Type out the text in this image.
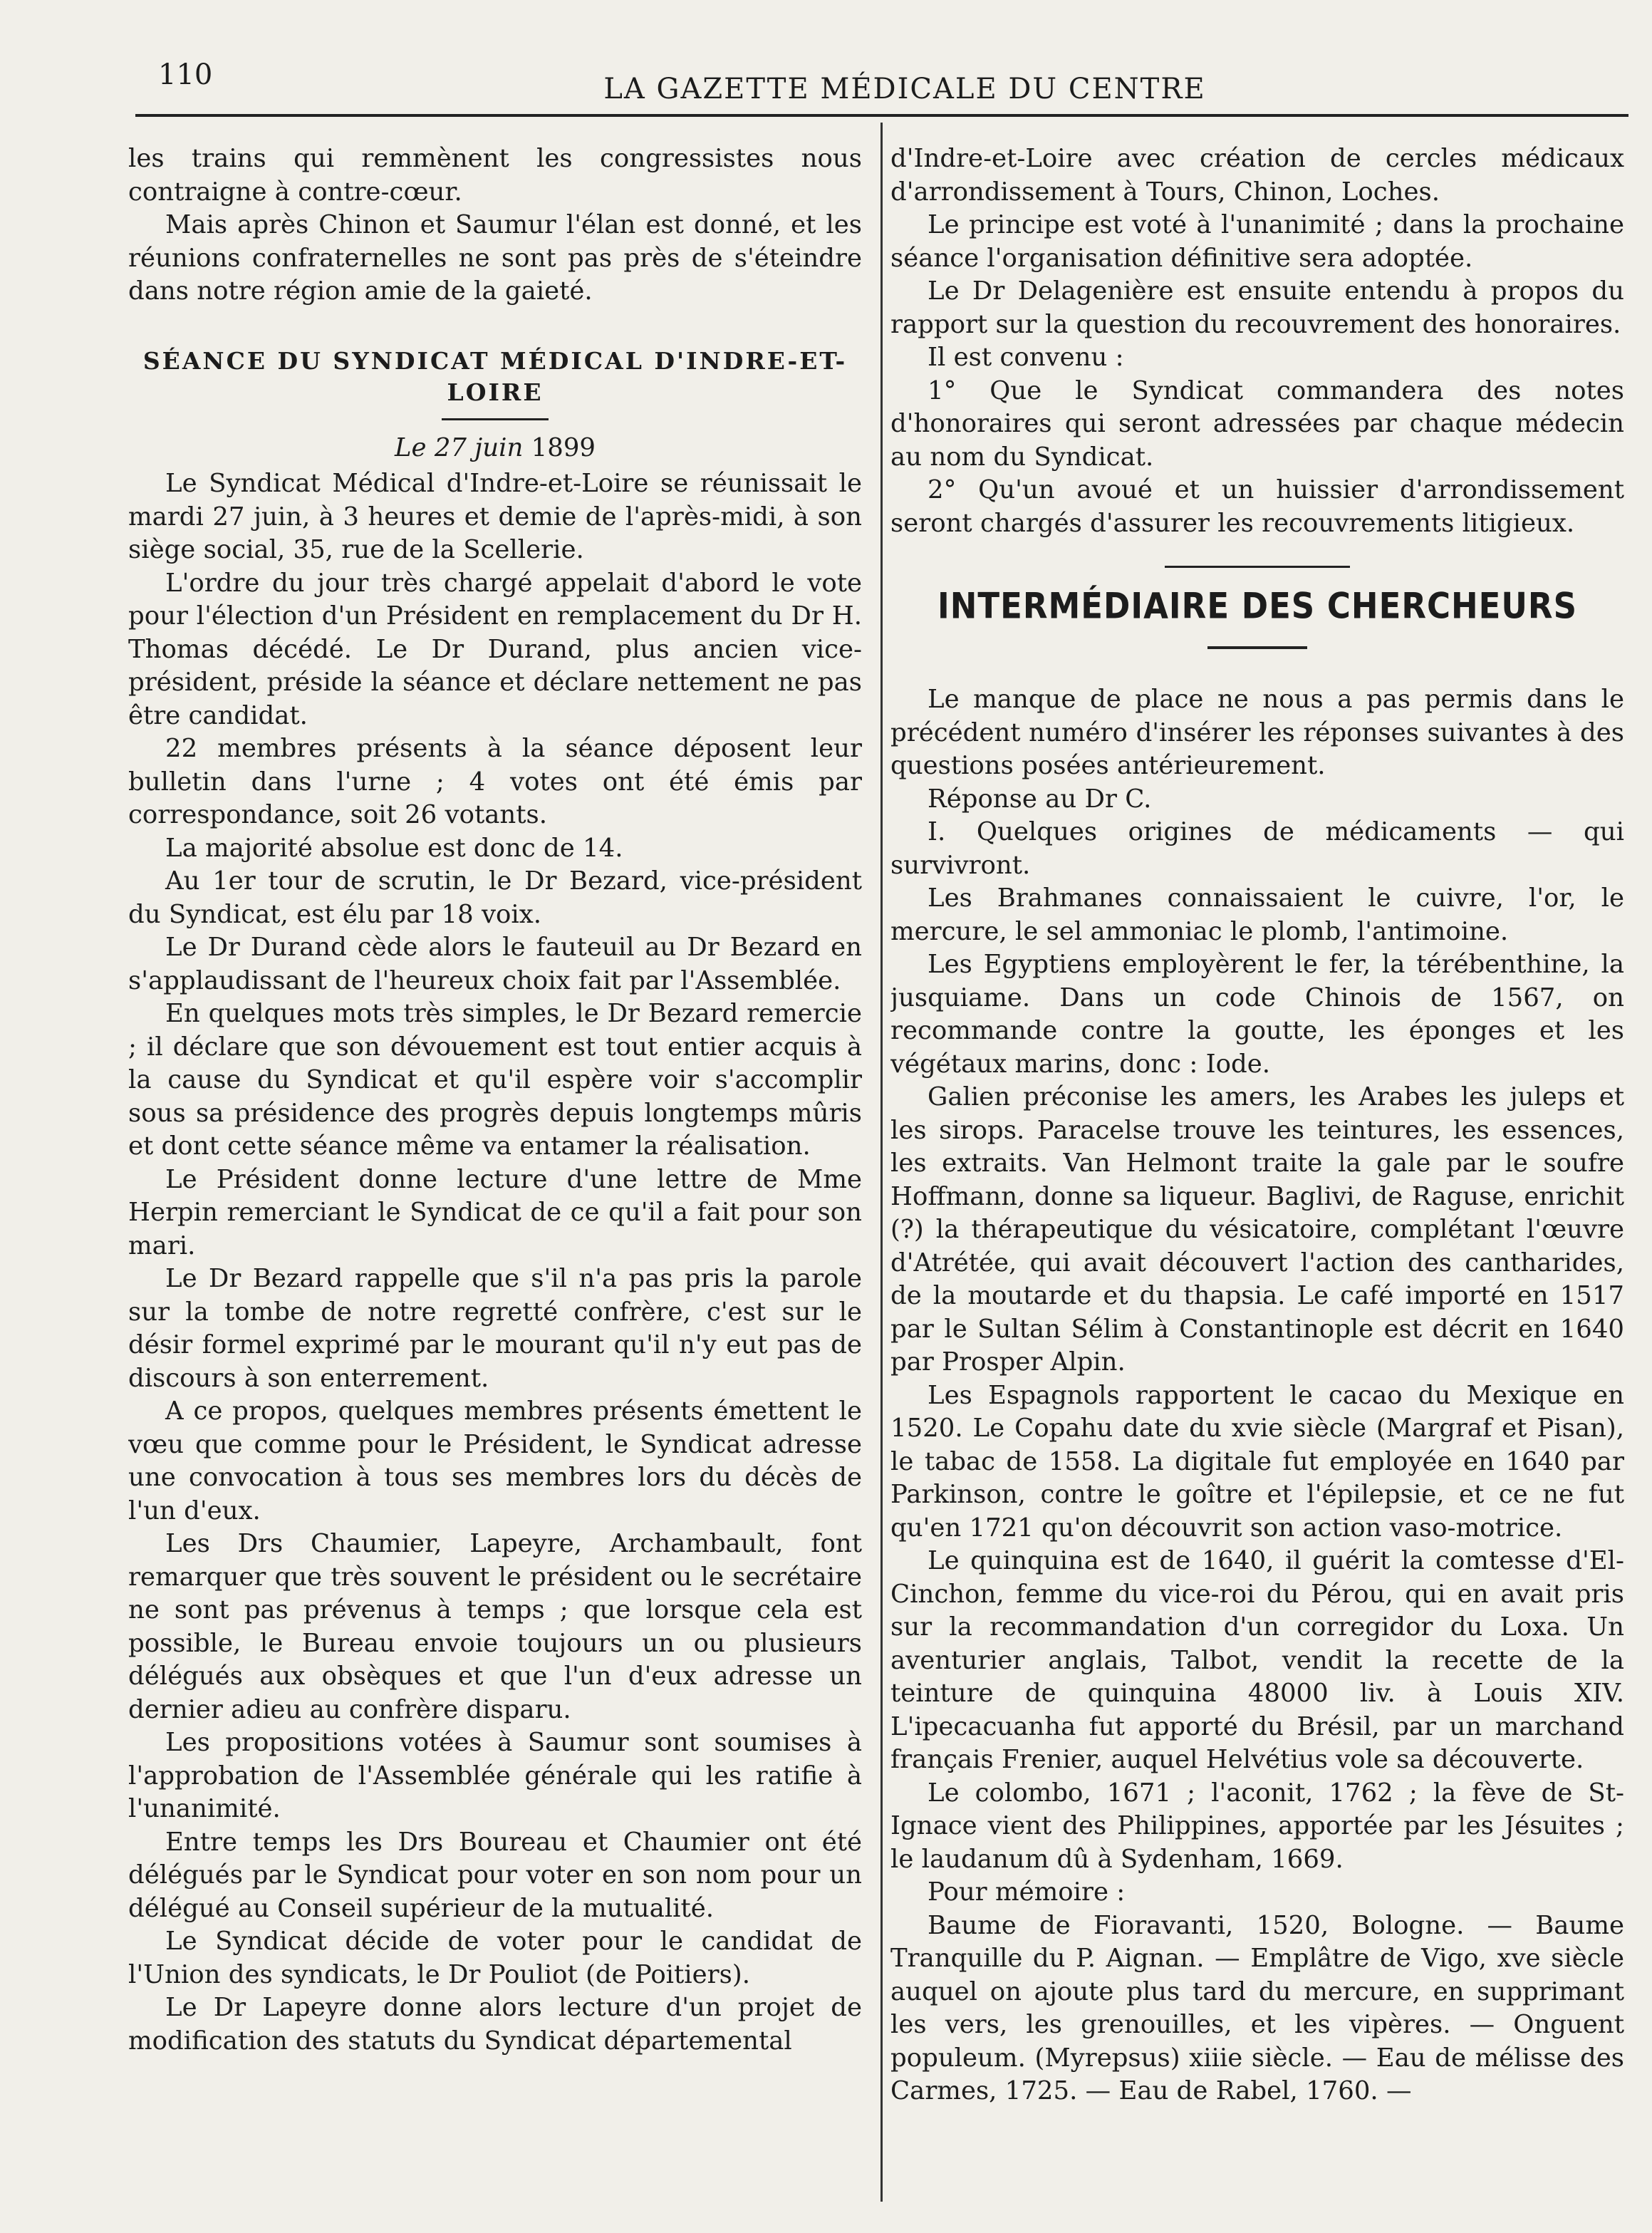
110	LA GAZETTE MÉDICALE DU CENTRE

les trains qui remmènent les congressistes nous contraigne à contre-cœur.

Mais après Chinon et Saumur l'élan est donné, et les réunions confraternelles ne sont pas près de s'éteindre dans notre région amie de la gaieté.

SÉANCE DU SYNDICAT MÉDICAL D'INDRE-ET-LOIRE
Le 27 juin 1899

Le Syndicat Médical d'Indre-et-Loire se réunissait le mardi 27 juin, à 3 heures et demie de l'après-midi, à son siège social, 35, rue de la Scellerie.

L'ordre du jour très chargé appelait d'abord le vote pour l'élection d'un Président en remplacement du Dr H. Thomas décédé. Le Dr Durand, plus ancien vice-président, préside la séance et déclare nettement ne pas être candidat.

22 membres présents à la séance déposent leur bulletin dans l'urne ; 4 votes ont été émis par correspondance, soit 26 votants.

La majorité absolue est donc de 14.

Au 1er tour de scrutin, le Dr Bezard, vice-président du Syndicat, est élu par 18 voix.

Le Dr Durand cède alors le fauteuil au Dr Bezard en s'applaudissant de l'heureux choix fait par l'Assemblée.

En quelques mots très simples, le Dr Bezard remercie ; il déclare que son dévouement est tout entier acquis à la cause du Syndicat et qu'il espère voir s'accomplir sous sa présidence des progrès depuis longtemps mûris et dont cette séance même va entamer la réalisation.

Le Président donne lecture d'une lettre de Mme Herpin remerciant le Syndicat de ce qu'il a fait pour son mari.

Le Dr Bezard rappelle que s'il n'a pas pris la parole sur la tombe de notre regretté confrère, c'est sur le désir formel exprimé par le mourant qu'il n'y eut pas de discours à son enterrement.

A ce propos, quelques membres présents émettent le vœu que comme pour le Président, le Syndicat adresse une convocation à tous ses membres lors du décès de l'un d'eux.

Les Drs Chaumier, Lapeyre, Archambault, font remarquer que très souvent le président ou le secrétaire ne sont pas prévenus à temps ; que lorsque cela est possible, le Bureau envoie toujours un ou plusieurs délégués aux obsèques et que l'un d'eux adresse un dernier adieu au confrère disparu.

Les propositions votées à Saumur sont soumises à l'approbation de l'Assemblée générale qui les ratifie à l'unanimité.

Entre temps les Drs Boureau et Chaumier ont été délégués par le Syndicat pour voter en son nom pour un délégué au Conseil supérieur de la mutualité.

Le Syndicat décide de voter pour le candidat de l'Union des syndicats, le Dr Pouliot (de Poitiers).

Le Dr Lapeyre donne alors lecture d'un projet de modification des statuts du Syndicat départemental

d'Indre-et-Loire avec création de cercles médicaux d'arrondissement à Tours, Chinon, Loches.

Le principe est voté à l'unanimité ; dans la prochaine séance l'organisation définitive sera adoptée.

Le Dr Delagenière est ensuite entendu à propos du rapport sur la question du recouvrement des honoraires.

Il est convenu :

1° Que le Syndicat commandera des notes d'honoraires qui seront adressées par chaque médecin au nom du Syndicat.

2° Qu'un avoué et un huissier d'arrondissement seront chargés d'assurer les recouvrements litigieux.

INTERMÉDIAIRE DES CHERCHEURS

Le manque de place ne nous a pas permis dans le précédent numéro d'insérer les réponses suivantes à des questions posées antérieurement.

Réponse au Dr C.

I. Quelques origines de médicaments — qui survivront.

Les Brahmanes connaissaient le cuivre, l'or, le mercure, le sel ammoniac le plomb, l'antimoine.

Les Egyptiens employèrent le fer, la térébenthine, la jusquiame. Dans un code Chinois de 1567, on recommande contre la goutte, les éponges et les végétaux marins, donc : Iode.

Galien préconise les amers, les Arabes les juleps et les sirops. Paracelse trouve les teintures, les essences, les extraits. Van Helmont traite la gale par le soufre Hoffmann, donne sa liqueur. Baglivi, de Raguse, enrichit (?) la thérapeutique du vésicatoire, complétant l'œuvre d'Atrétée, qui avait découvert l'action des cantharides, de la moutarde et du thapsia. Le café importé en 1517 par le Sultan Sélim à Constantinople est décrit en 1640 par Prosper Alpin.

Les Espagnols rapportent le cacao du Mexique en 1520. Le Copahu date du xvie siècle (Margraf et Pisan), le tabac de 1558. La digitale fut employée en 1640 par Parkinson, contre le goître et l'épilepsie, et ce ne fut qu'en 1721 qu'on découvrit son action vaso-motrice.

Le quinquina est de 1640, il guérit la comtesse d'El-Cinchon, femme du vice-roi du Pérou, qui en avait pris sur la recommandation d'un corregidor du Loxa. Un aventurier anglais, Talbot, vendit la recette de la teinture de quinquina 48000 liv. à Louis XIV. L'ipecacuanha fut apporté du Brésil, par un marchand français Frenier, auquel Helvétius vole sa découverte.

Le colombo, 1671 ; l'aconit, 1762 ; la fève de St-Ignace vient des Philippines, apportée par les Jésuites ; le laudanum dû à Sydenham, 1669.

Pour mémoire :

Baume de Fioravanti, 1520, Bologne. — Baume Tranquille du P. Aignan. — Emplâtre de Vigo, xve siècle auquel on ajoute plus tard du mercure, en supprimant les vers, les grenouilles, et les vipères. — Onguent populeum. (Myrepsus) xiiie siècle. — Eau de mélisse des Carmes, 1725. — Eau de Rabel, 1760. —
